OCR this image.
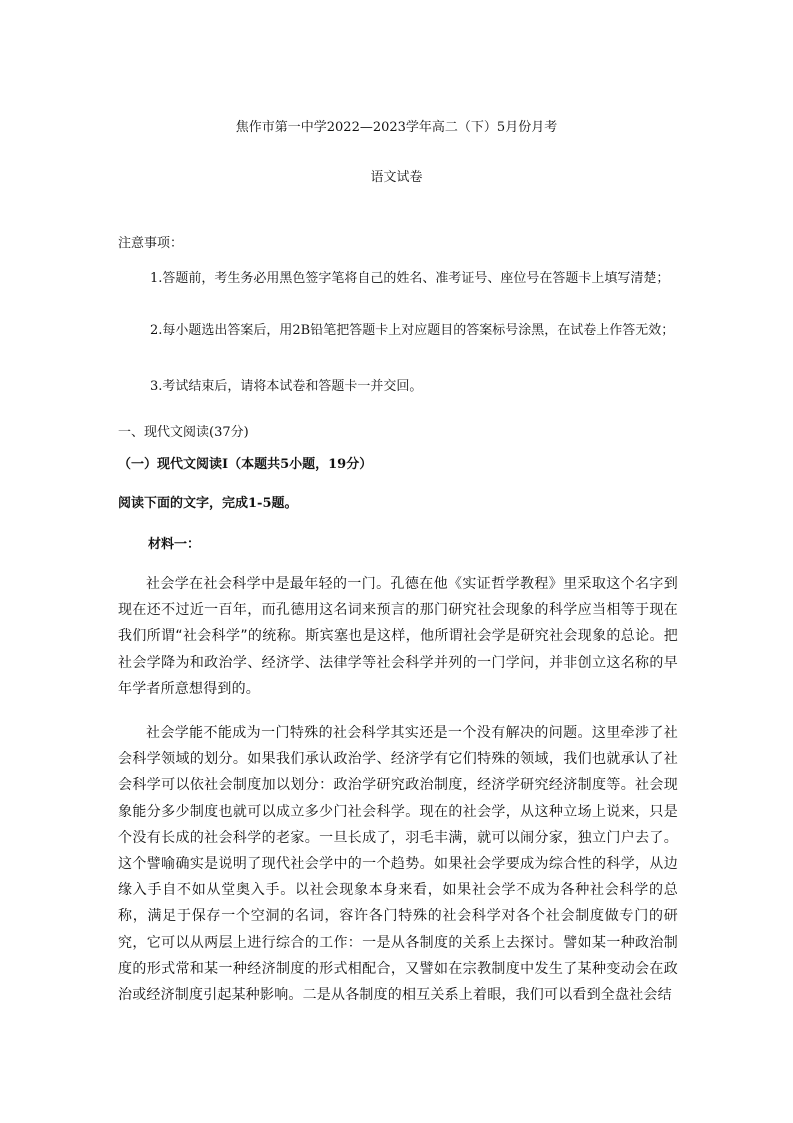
焦作市第一中学2022—2023学年高二（下）5月份月考
语文试卷
注意事项：
1.答题前，考生务必用黑色签字笔将自己的姓名、准考证号、座位号在答题卡上填写清楚；
2.每小题选出答案后，用2B铅笔把答题卡上对应题目的答案标号涂黑，在试卷上作答无效；
3.考试结束后，请将本试卷和答题卡一并交回。
一、现代文阅读(37分)
（一）现代文阅读Ⅰ（本题共5小题，19分）
阅读下面的文字，完成1-5题。
材料一：
社会学在社会科学中是最年轻的一门。孔德在他《实证哲学教程》里采取这个名字到现在还不过近一百年，而孔德用这名词来预言的那门研究社会现象的科学应当相等于现在我们所谓“社会科学”的统称。斯宾塞也是这样，他所谓社会学是研究社会现象的总论。把社会学降为和政治学、经济学、法律学等社会科学并列的一门学问，并非创立这名称的早年学者所意想得到的。
社会学能不能成为一门特殊的社会科学其实还是一个没有解决的问题。这里牵涉了社会科学领域的划分。如果我们承认政治学、经济学有它们特殊的领域，我们也就承认了社会科学可以依社会制度加以划分：政治学研究政治制度，经济学研究经济制度等。社会现象能分多少制度也就可以成立多少门社会科学。现在的社会学，从这种立场上说来，只是个没有长成的社会科学的老家。一旦长成了，羽毛丰满，就可以闹分家，独立门户去了。这个譬喻确实是说明了现代社会学中的一个趋势。如果社会学要成为综合性的科学，从边缘入手自不如从堂奥入手。以社会现象本身来看，如果社会学不成为各种社会科学的总称，满足于保存一个空洞的名词，容许各门特殊的社会科学对各个社会制度做专门的研究，它可以从两层上进行综合的工作：一是从各制度的关系上去探讨。譬如某一种政治制度的形式常和某一种经济制度的形式相配合，又譬如在宗教制度中发生了某种变动会在政治或经济制度引起某种影响。二是从各制度的相互关系上着眼，我们可以看到全盘社会结
